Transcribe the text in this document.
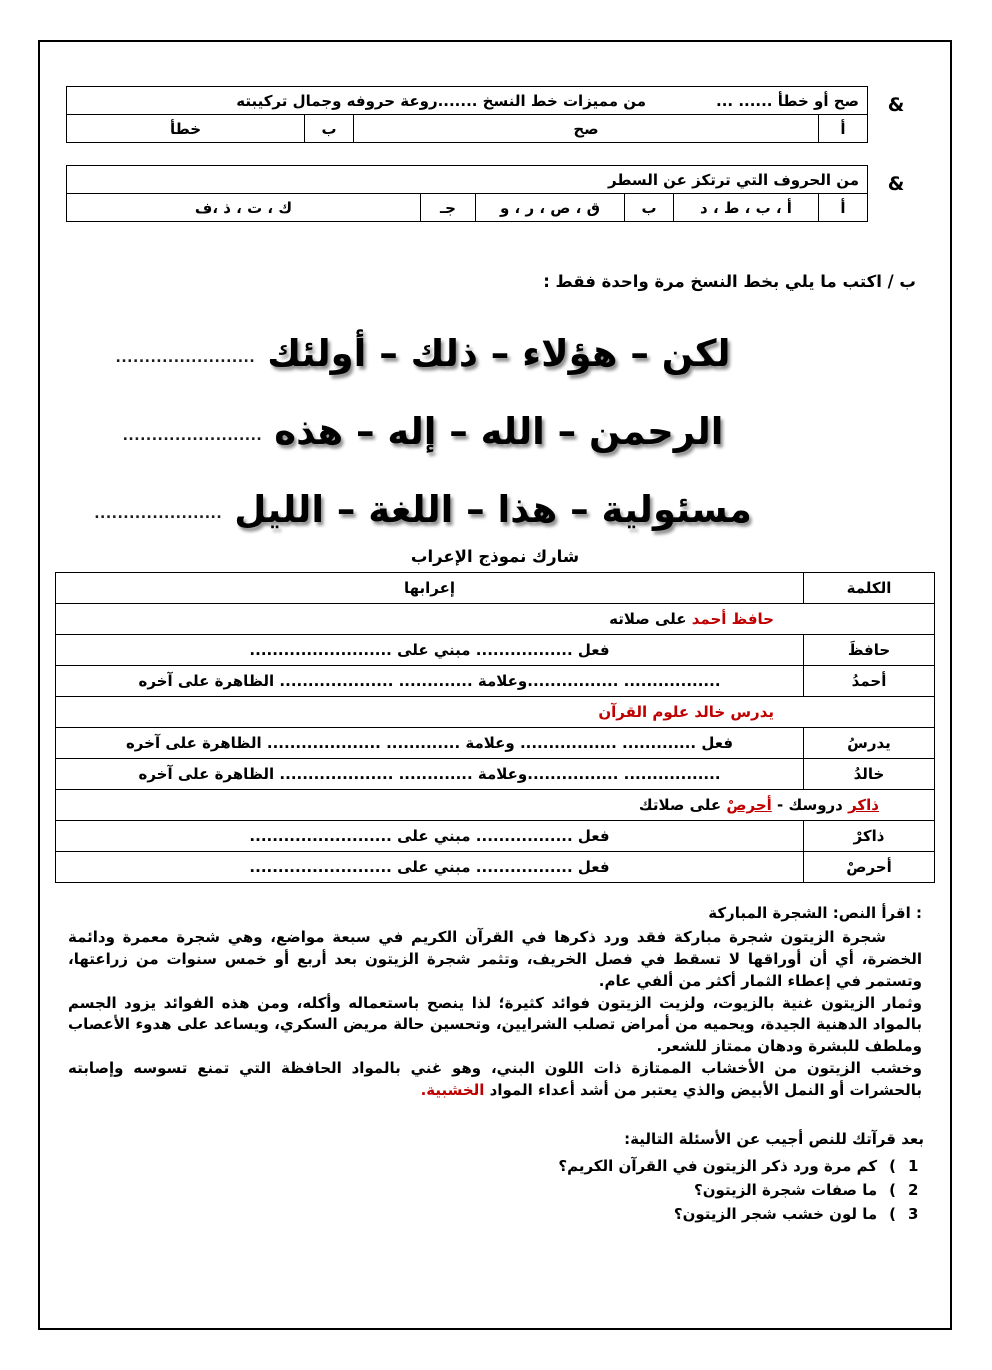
&
صح أو خطأ ...... ...
من مميزات خط النسخ .......روعة حروفه وجمال تركيبته

أ	صح	ب	خطأ
&
من الحروف التي ترتكز عن السطر
أ	أ ، ب ، ط ، د	ب	ق ، ص ، ر ، و	جـ	ك ، ت ، ذ ،ف
ب / اكتب ما يلي بخط النسخ مرة واحدة فقط :
لكن – هؤلاء – ذلك – أولئك
........................
الرحمن – الله – إله – هذه
........................
مسئولية – هذا – اللغة – الليل
......................
شارك نموذج الإعراب
الكلمة	إعرابها
حافظ أحمد على صلاته	
حافظَ	فعل ................. مبني على .........................
أحمدُ	................. ................وعلامة ............. .................... الظاهرة على آخره
يدرس خالد علوم القرآن	
يدرسُ	فعل ............. ................. وعلامة ............. .................... الظاهرة على آخره
خالدُ	................. ................وعلامة ............. .................... الظاهرة على آخره
ذاكر دروسك - أحرصْ على صلاتك	
ذاكرْ	فعل ................. مبني على .........................
أحرصْ	فعل ................. مبني على .........................
: اقرأ النص: الشجرة المباركة

شجرة الزيتون شجرة مباركة فقد ورد ذكرها في القرآن الكريم في سبعة مواضع، وهي شجرة معمرة ودائمة الخضرة، أي أن أوراقها لا تسقط في فصل الخريف، وتثمر شجرة الزيتون بعد أربع أو خمس سنوات من زراعتها، وتستمر في إعطاء الثمار أكثر من ألفي عام.

وثمار الزيتون غنية بالزيوت، ولزيت الزيتون فوائد كثيرة؛ لذا ينصح باستعماله وأكله، ومن هذه الفوائد يزود الجسم بالمواد الدهنية الجيدة، ويحميه من أمراض تصلب الشرايين، وتحسين حالة مريض السكري، ويساعد على هدوء الأعصاب وملطف للبشرة ودهان ممتاز للشعر.

وخشب الزيتون من الأخشاب الممتازة ذات اللون البني، وهو غني بالمواد الحافظة التي تمنع تسوسه وإصابته بالحشرات أو النمل الأبيض والذي يعتبر من أشد أعداء المواد الخشبية.

بعد قرآتك للنص أجيب عن الأسئلة التالية:
1
(
كم مرة ورد ذكر الزيتون في القرآن الكريم؟
2
(
ما صفات شجرة الزيتون؟
3
(
ما لون خشب شجر الزيتون؟
